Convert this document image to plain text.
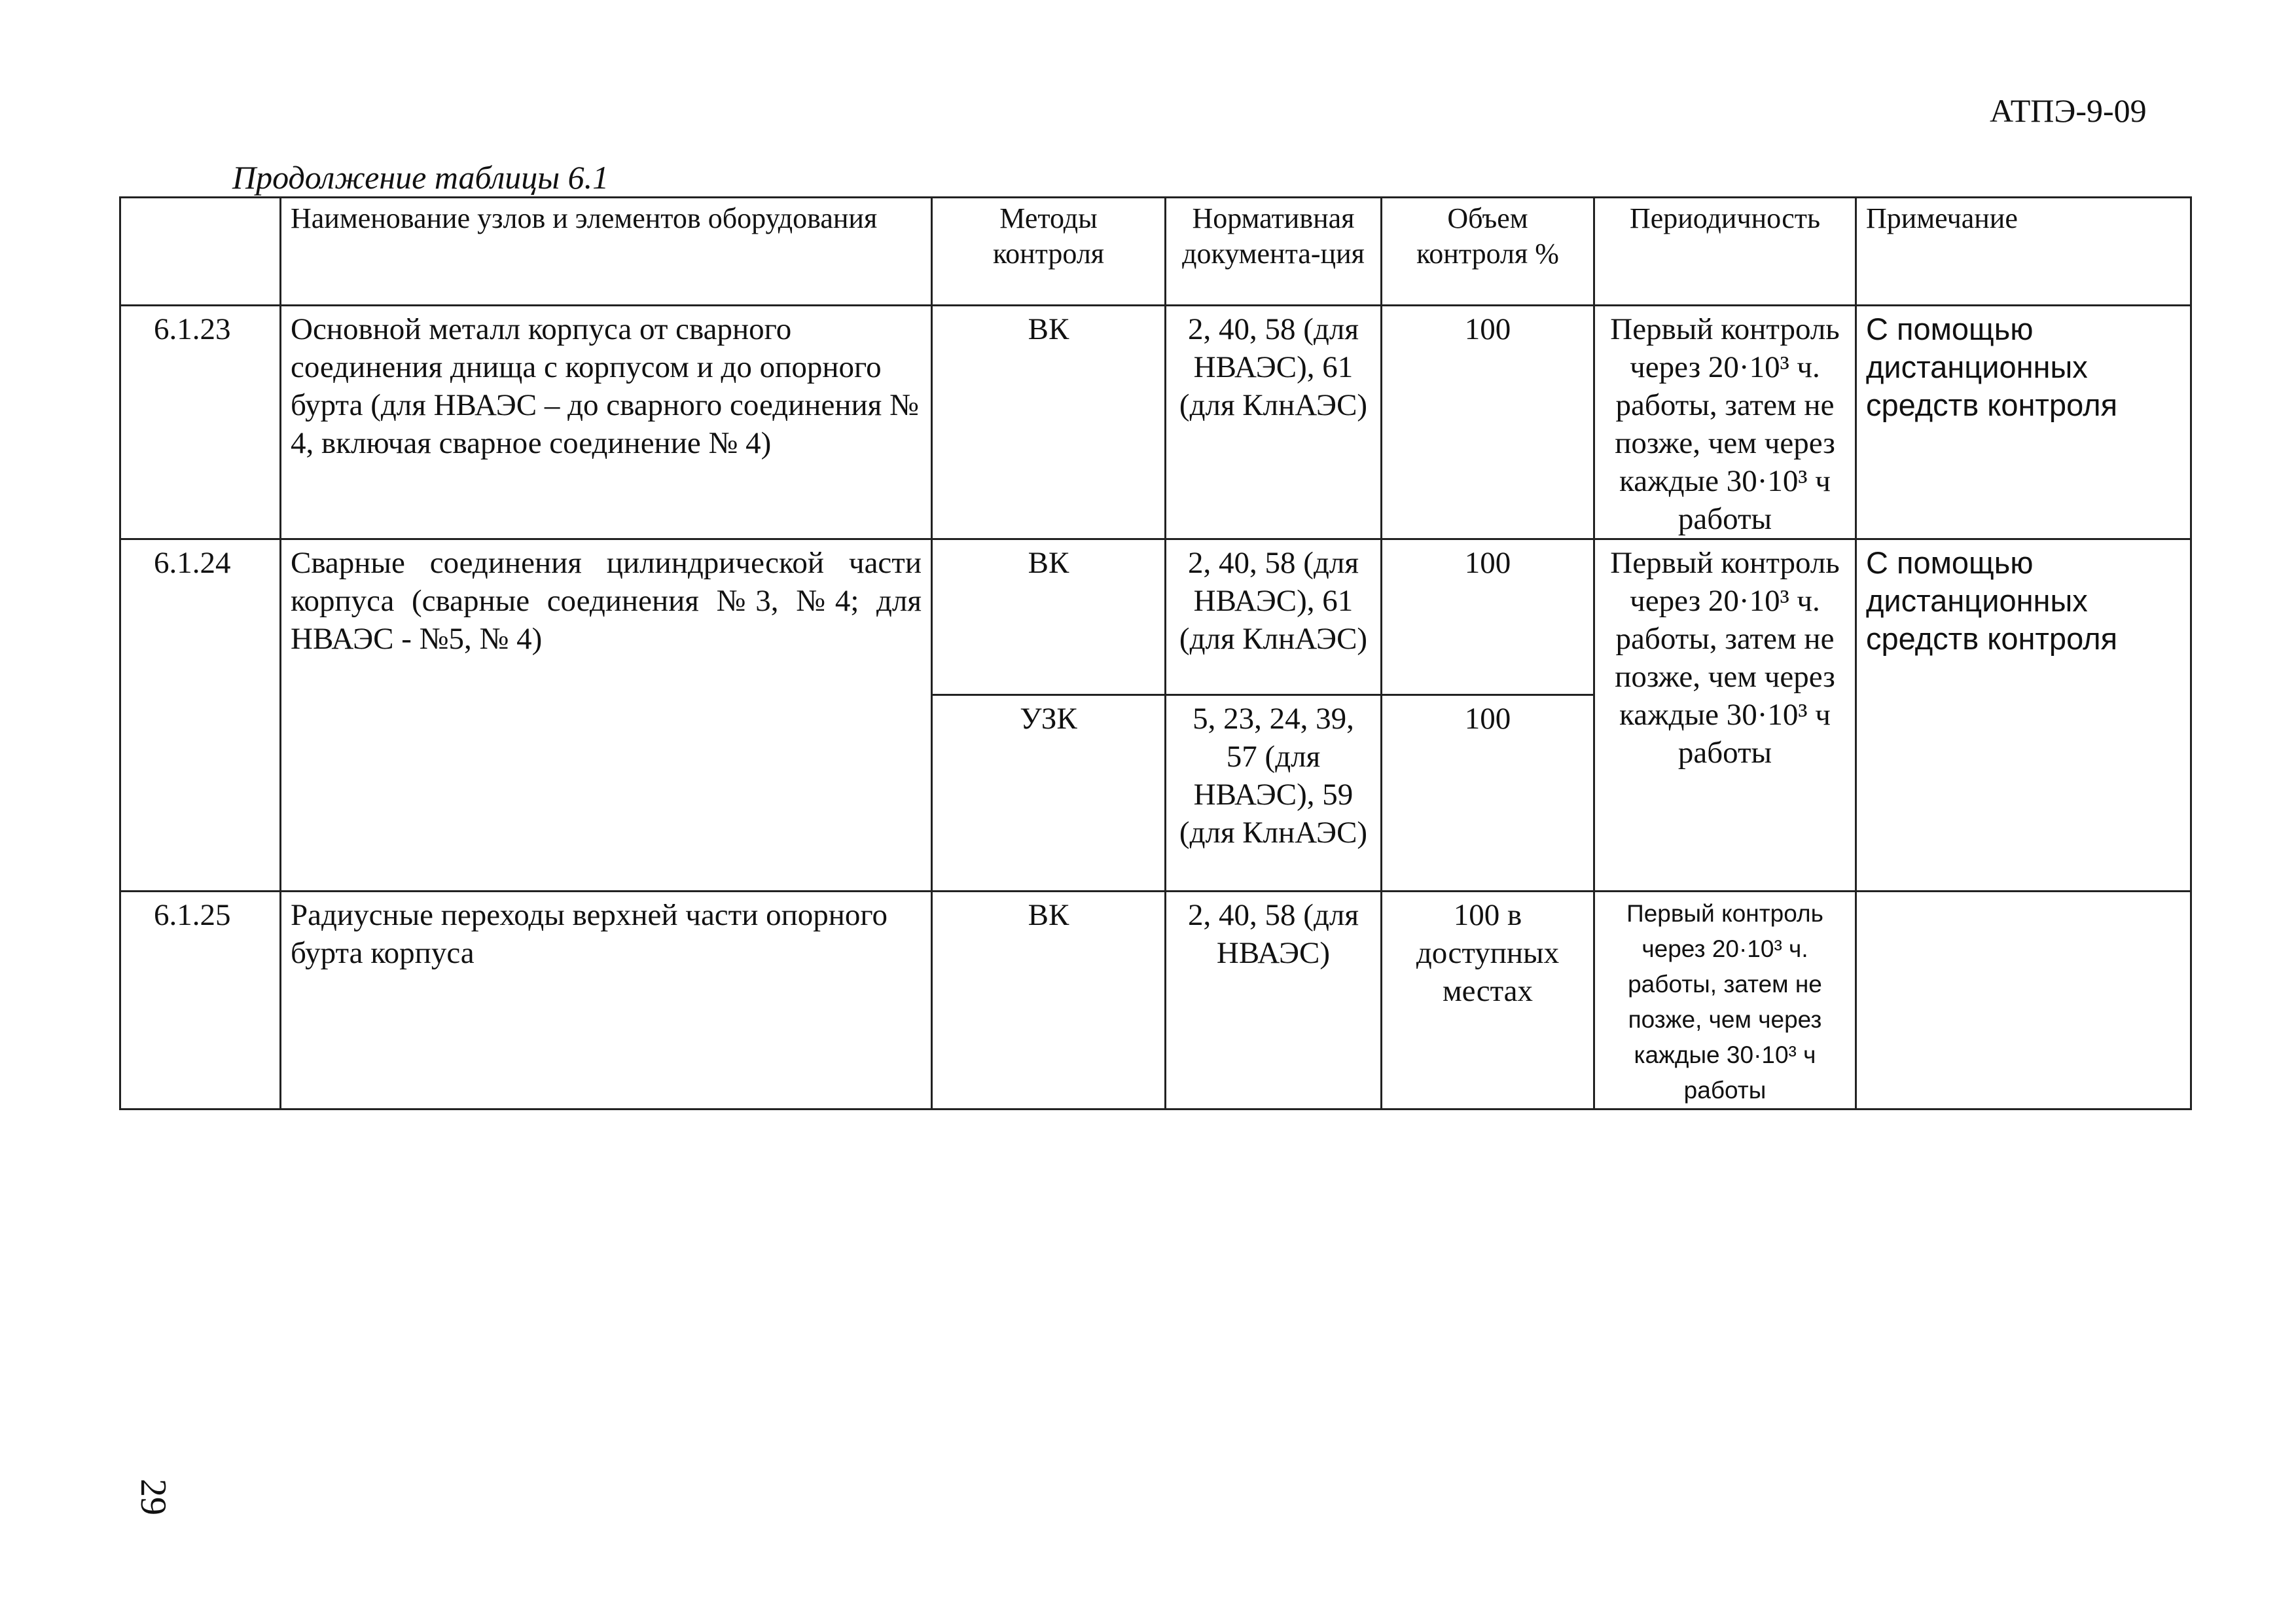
АТПЭ-9-09
Продолжение таблицы 6.1
	Наименование узлов и элементов оборудования	Методы контроля	Нормативная документа-ция	Объем контроля %	Периодичность	Примечание
6.1.23	Основной металл корпуса от сварного соединения днища с корпусом и до опорного бурта (для НВАЭС – до сварного соединения № 4, включая сварное соединение № 4)	ВК	2, 40, 58 (для НВАЭС), 61 (для КлнАЭС)	100	Первый контроль через 20·10³ ч. работы, затем не позже, чем через каждые 30·10³ ч работы	С помощью дистанционных средств контроля
6.1.24	Сварные соединения цилиндрической части корпуса (сварные соединения №3, №4; для НВАЭС - №5, № 4)	ВК	2, 40, 58 (для НВАЭС), 61 (для КлнАЭС)	100	Первый контроль через 20·10³ ч. работы, затем не позже, чем через каждые 30·10³ ч работы	С помощью дистанционных средств контроля
		УЗК	5, 23, 24, 39, 57 (для НВАЭС), 59 (для КлнАЭС)	100		
6.1.25	Радиусные переходы верхней части опорного бурта корпуса	ВК	2, 40, 58 (для НВАЭС)	100 в доступных местах	Первый контроль через 20·10³ ч. работы, затем не позже, чем через каждые 30·10³ ч работы	
29
